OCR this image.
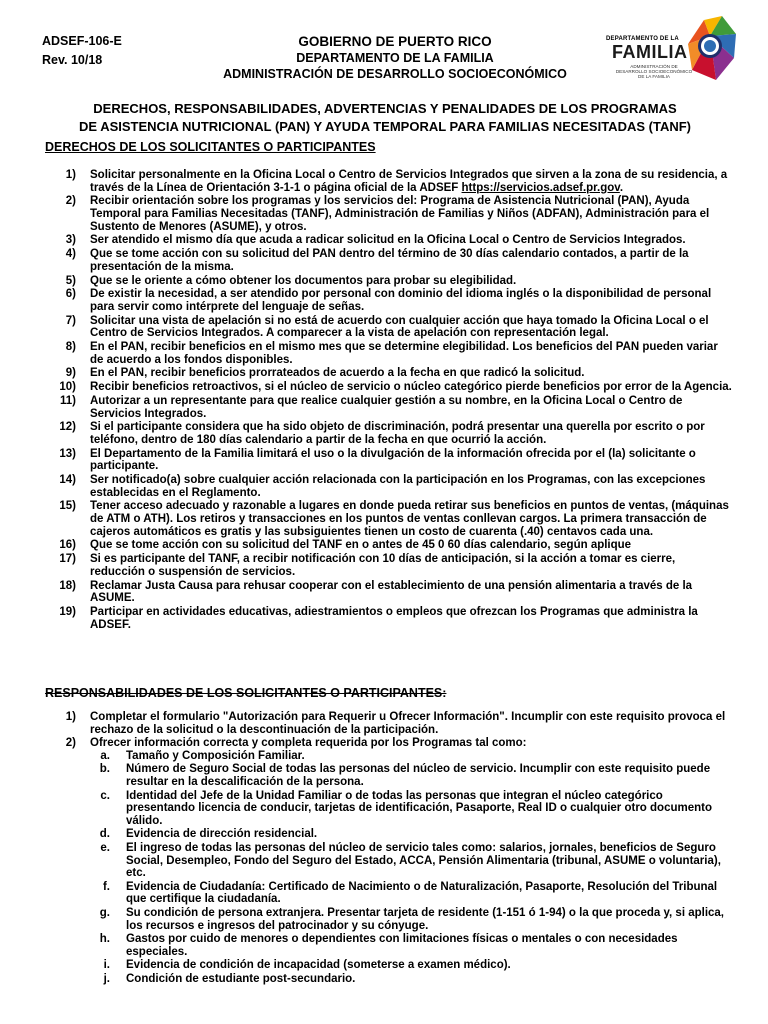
ADSEF-106-E
Rev. 10/18
GOBIERNO DE PUERTO RICO
DEPARTAMENTO DE LA FAMILIA
ADMINISTRACIÓN DE DESARROLLO SOCIOECONÓMICO
DEPARTAMENTO DE LA
FAMILIA
ADMINISTRACIÓN DE DESARROLLO SOCIOECONÓMICO DE LA FAMILIA
DERECHOS, RESPONSABILIDADES, ADVERTENCIAS Y PENALIDADES DE LOS PROGRAMAS
DE ASISTENCIA NUTRICIONAL (PAN) Y AYUDA TEMPORAL PARA FAMILIAS NECESITADAS (TANF)
DERECHOS DE LOS SOLICITANTES O PARTICIPANTES
1)	Solicitar personalmente en la Oficina Local o Centro de Servicios Integrados que sirven a la zona de su residencia, a través de la Línea de Orientación 3-1-1 o página oficial de la ADSEF https://servicios.adsef.pr.gov.
2)	Recibir orientación sobre los programas y los servicios del: Programa de Asistencia Nutricional (PAN), Ayuda Temporal para Familias Necesitadas (TANF), Administración de Familias y Niños (ADFAN), Administración para el Sustento de Menores (ASUME), y otros.
3)	Ser atendido el mismo día que acuda a radicar solicitud en la Oficina Local o Centro de Servicios Integrados.
4)	Que se tome acción con su solicitud del PAN dentro del término de 30 días calendario contados, a partir de la presentación de la misma.
5)	Que se le oriente a cómo obtener los documentos para probar su elegibilidad.
6)	De existir la necesidad, a ser atendido por personal con dominio del idioma inglés o la disponibilidad de personal para servir como intérprete del lenguaje de señas.
7)	Solicitar una vista de apelación si no está de acuerdo con cualquier acción que haya tomado la Oficina Local o el Centro de Servicios Integrados. A comparecer a la vista de apelación con representación legal.
8)	En el PAN, recibir beneficios en el mismo mes que se determine elegibilidad. Los beneficios del PAN pueden variar de acuerdo a los fondos disponibles.
9)	En el PAN, recibir beneficios prorrateados de acuerdo a la fecha en que radicó la solicitud.
10)	Recibir beneficios retroactivos, si el núcleo de servicio o núcleo categórico pierde beneficios por error de la Agencia.
11)	Autorizar a un representante para que realice cualquier gestión a su nombre, en la Oficina Local o Centro de Servicios Integrados.
12)	Si el participante considera que ha sido objeto de discriminación, podrá presentar una querella por escrito o por teléfono, dentro de 180 días calendario a partir de la fecha en que ocurrió la acción.
13)	El Departamento de la Familia limitará el uso o la divulgación de la información ofrecida por el (la) solicitante o participante.
14)	Ser notificado(a) sobre cualquier acción relacionada con la participación en los Programas, con las excepciones establecidas en el Reglamento.
15)	Tener acceso adecuado y razonable a lugares en donde pueda retirar sus beneficios en puntos de ventas, (máquinas de ATM o ATH). Los retiros y transacciones en los puntos de ventas conllevan cargos. La primera transacción de cajeros automáticos es gratis y las subsiguientes tienen un costo de cuarenta (.40) centavos cada una.
16)	Que se tome acción con su solicitud del TANF en o antes de 45 0 60 días calendario, según aplique
17)	Si es participante del TANF, a recibir notificación con 10 días de anticipación, si la acción a tomar es cierre, reducción o suspensión de servicios.
18)	Reclamar Justa Causa para rehusar cooperar con el establecimiento de una pensión alimentaria a través de la ASUME.
19)	Participar en actividades educativas, adiestramientos o empleos que ofrezcan los Programas que administra la ADSEF.
RESPONSABILIDADES DE LOS SOLICITANTES O PARTICIPANTES:
1)	Completar el formulario "Autorización para Requerir u Ofrecer Información". Incumplir con este requisito provoca el rechazo de la solicitud o la descontinuación de la participación.
2)	Ofrecer información correcta y completa requerida por los Programas tal como:
a.	Tamaño y Composición Familiar.
b.	Número de Seguro Social de todas las personas del núcleo de servicio. Incumplir con este requisito puede resultar en la descalificación de la persona.
c.	Identidad del Jefe de la Unidad Familiar o de todas las personas que integran el núcleo categórico presentando licencia de conducir, tarjetas de identificación, Pasaporte, Real ID o cualquier otro documento válido.
d.	Evidencia de dirección residencial.
e.	El ingreso de todas las personas del núcleo de servicio tales como: salarios, jornales, beneficios de Seguro Social, Desempleo, Fondo del Seguro del Estado, ACCA, Pensión Alimentaria (tribunal, ASUME o voluntaria), etc.
f.	Evidencia de Ciudadanía: Certificado de Nacimiento o de Naturalización, Pasaporte, Resolución del Tribunal que certifique la ciudadanía.
g.	Su condición de persona extranjera. Presentar tarjeta de residente (1-151 ó 1-94) o la que proceda y, si aplica, los recursos e ingresos del patrocinador y su cónyuge.
h.	Gastos por cuido de menores o dependientes con limitaciones físicas o mentales o con necesidades especiales.
i.	Evidencia de condición de incapacidad (someterse a examen médico).
j.	Condición de estudiante post-secundario.
